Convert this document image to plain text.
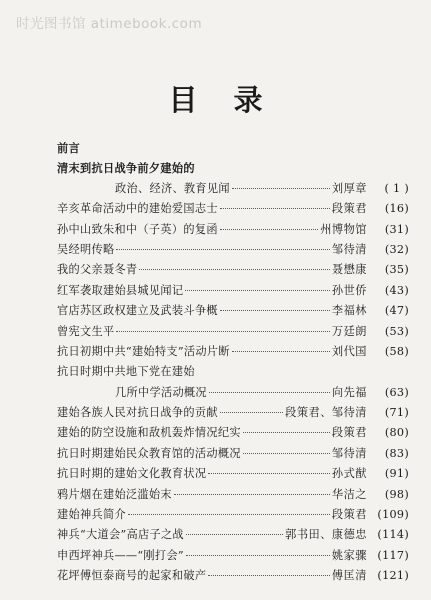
时光图书馆 atimebook.com
目录
前言
清末到抗日战争前夕建始的
政治、经济、教育见闻	刘厚章	( 1 )
辛亥革命活动中的建始爱国志士	段策君	(16)
孙中山致朱和中（子英）的复函	州博物馆	(31)
吴经明传略	邹待清	(32)
我的父亲聂冬青	聂懋康	(35)
红军袭取建始县城见闻记	孙世侨	(43)
官店苏区政权建立及武装斗争概	李福林	(47)
曾宪文生平	万廷朗	(53)
抗日初期中共“建始特支”活动片断	刘代国	(58)
抗日时期中共地下党在建始
几所中学活动概况	向先福	(63)
建始各族人民对抗日战争的贡献	段策君、邹待清	(71)
建始的防空设施和敌机轰炸情况纪实	段策君	(80)
抗日时期建始民众教育馆的活动概况	邹待清	(83)
抗日时期的建始文化教育状况	孙式猷	(91)
鸦片烟在建始泛滥始末	华洁之	(98)
建始神兵简介	段策君 (109)
神兵“大道会”高店子之战	郭书田、康德忠 (114)
申西坪神兵——“刚打会”	姚家骤 (117)
花坪傅恒泰商号的起家和破产	傅匡清 (121)
